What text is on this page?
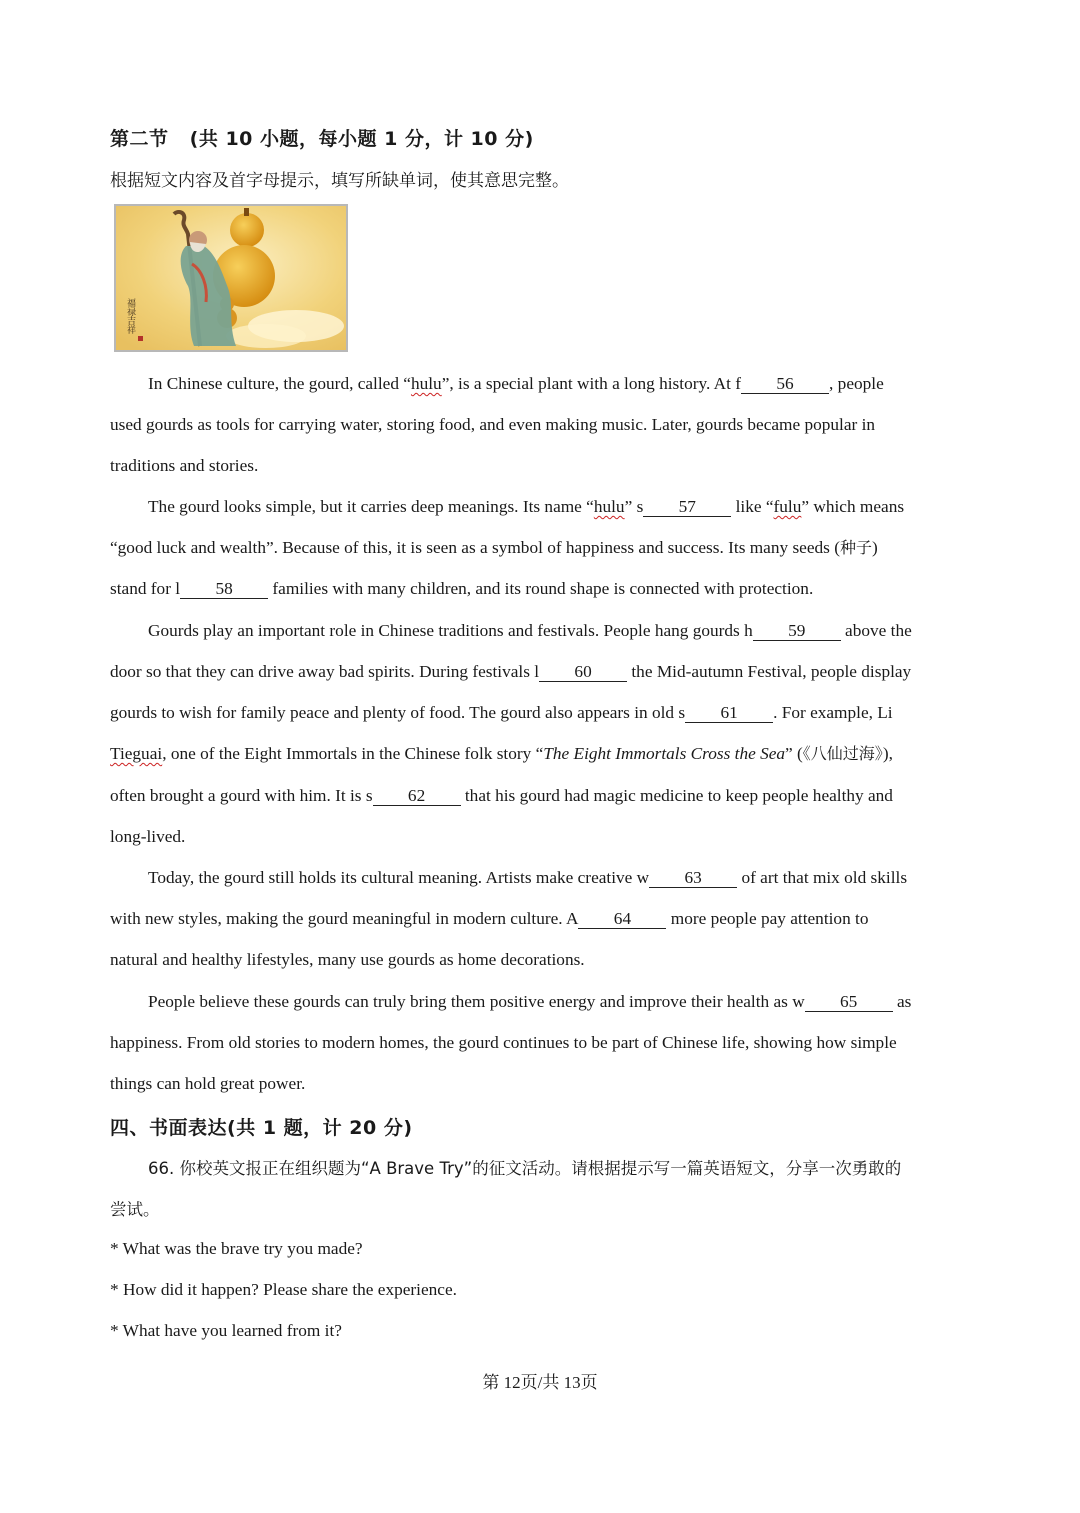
第二节 (共 10 小题，每小题 1 分，计 10 分)
根据短文内容及首字母提示，填写所缺单词，使其意思完整。
福禄吉祥
In Chinese culture, the gourd, called “hulu”, is a special plant with a long history. At f 56 , people
used gourds as tools for carrying water, storing food, and even making music. Later, gourds became popular in
traditions and stories.
The gourd looks simple, but it carries deep meanings. Its name “hulu” s 57 like “fulu” which means
“good luck and wealth”. Because of this, it is seen as a symbol of happiness and success. Its many seeds (种子)
stand for l 58 families with many children, and its round shape is connected with protection.
Gourds play an important role in Chinese traditions and festivals. People hang gourds h 59 above the
door so that they can drive away bad spirits. During festivals l 60 the Mid-autumn Festival, people display
gourds to wish for family peace and plenty of food. The gourd also appears in old s 61 . For example, Li
Tieguai, one of the Eight Immortals in the Chinese folk story “The Eight Immortals Cross the Sea” (《八仙过海》),
often brought a gourd with him. It is s 62 that his gourd had magic medicine to keep people healthy and
long-lived.
Today, the gourd still holds its cultural meaning. Artists make creative w 63 of art that mix old skills
with new styles, making the gourd meaningful in modern culture. A 64 more people pay attention to
natural and healthy lifestyles, many use gourds as home decorations.
People believe these gourds can truly bring them positive energy and improve their health as w 65 as
happiness. From old stories to modern homes, the gourd continues to be part of Chinese life, showing how simple
things can hold great power.
四、书面表达(共 1 题，计 20 分)
66. 你校英文报正在组织题为“A Brave Try”的征文活动。请根据提示写一篇英语短文，分享一次勇敢的
尝试。
* What was the brave try you made?
* How did it happen? Please share the experience.
* What have you learned from it?
第 12页/共 13页
